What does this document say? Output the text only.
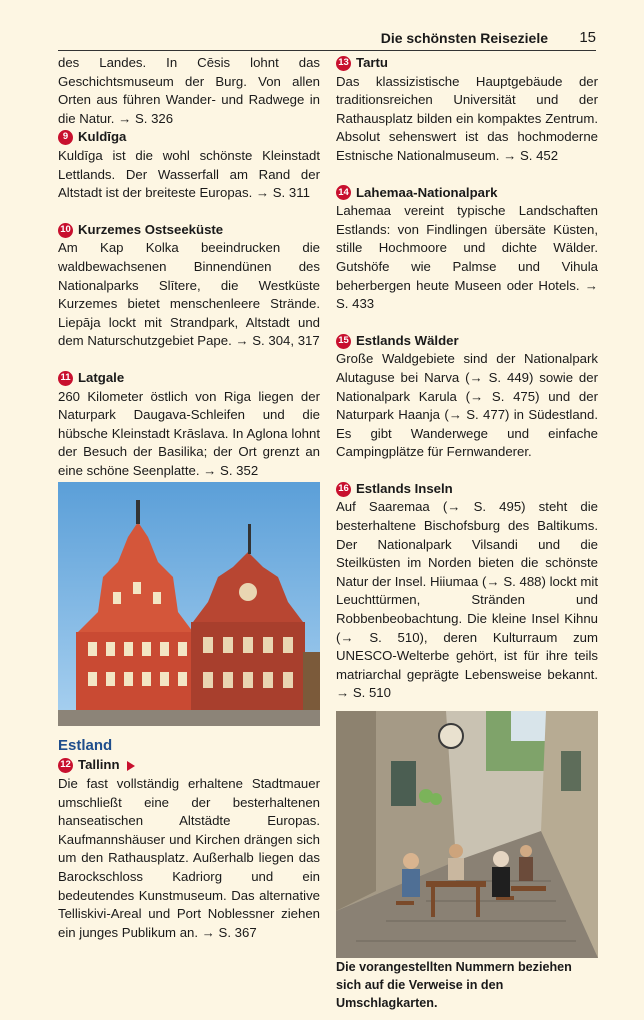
Die schönsten Reiseziele 15

des Landes. In Cēsis lohnt das Geschichtsmuseum der Burg. Von allen Orten aus führen Wander- und Radwege in die Natur. → S. 326

9 Kuldīga

Kuldīga ist die wohl schönste Kleinstadt Lettlands. Der Wasserfall am Rand der Altstadt ist der breiteste Europas. → S. 311

10 Kurzemes Ostseeküste

Am Kap Kolka beeindrucken die waldbewachsenen Binnendünen des Nationalparks Slītere, die Westküste Kurzemes bietet menschenleere Strände. Liepāja lockt mit Strandpark, Altstadt und dem Naturschutzgebiet Pape. → S. 304, 317

11 Latgale

260 Kilometer östlich von Riga liegen der Naturpark Daugava-Schleifen und die hübsche Kleinstadt Krāslava. In Aglona lohnt der Besuch der Basilika; der Ort grenzt an eine schöne Seenplatte. → S. 352

Estland
12 Tallinn

Die fast vollständig erhaltene Stadtmauer umschließt eine der besterhaltenen hanseatischen Altstädte Europas. Kaufmannshäuser und Kirchen drängen sich um den Rathausplatz. Außerhalb liegen das Barockschloss Kadriorg und ein bedeutendes Kunstmuseum. Das alternative Telliskivi-Areal und Port Noblessner ziehen ein junges Publikum an. → S. 367

13 Tartu

Das klassizistische Hauptgebäude der traditionsreichen Universität und der Rathausplatz bilden ein kompaktes Zentrum. Absolut sehenswert ist das hochmoderne Estnische Nationalmuseum. → S. 452

14 Lahemaa-Nationalpark

Lahemaa vereint typische Landschaften Estlands: von Findlingen übersäte Küsten, stille Hochmoore und dichte Wälder. Gutshöfe wie Palmse und Vihula beherbergen heute Museen oder Hotels. → S. 433

15 Estlands Wälder

Große Waldgebiete sind der Nationalpark Alutaguse bei Narva (→ S. 449) sowie der Nationalpark Karula (→ S. 475) und der Naturpark Haanja (→ S. 477) in Südestland. Es gibt Wanderwege und einfache Campingplätze für Fernwanderer.

16 Estlands Inseln

Auf Saaremaa (→ S. 495) steht die besterhaltene Bischofsburg des Baltikums. Der Nationalpark Vilsandi und die Steilküsten im Norden bieten die schönste Natur der Insel. Hiiumaa (→ S. 488) lockt mit Leuchttürmen, Stränden und Robbenbeobachtung. Die kleine Insel Kihnu (→ S. 510), deren Kulturraum zum UNESCO-Welterbe gehört, ist für ihre teils matriarchal geprägte Lebensweise bekannt. → S. 510

Die vorangestellten Nummern beziehen sich auf die Verweise in den Umschlagkarten.
